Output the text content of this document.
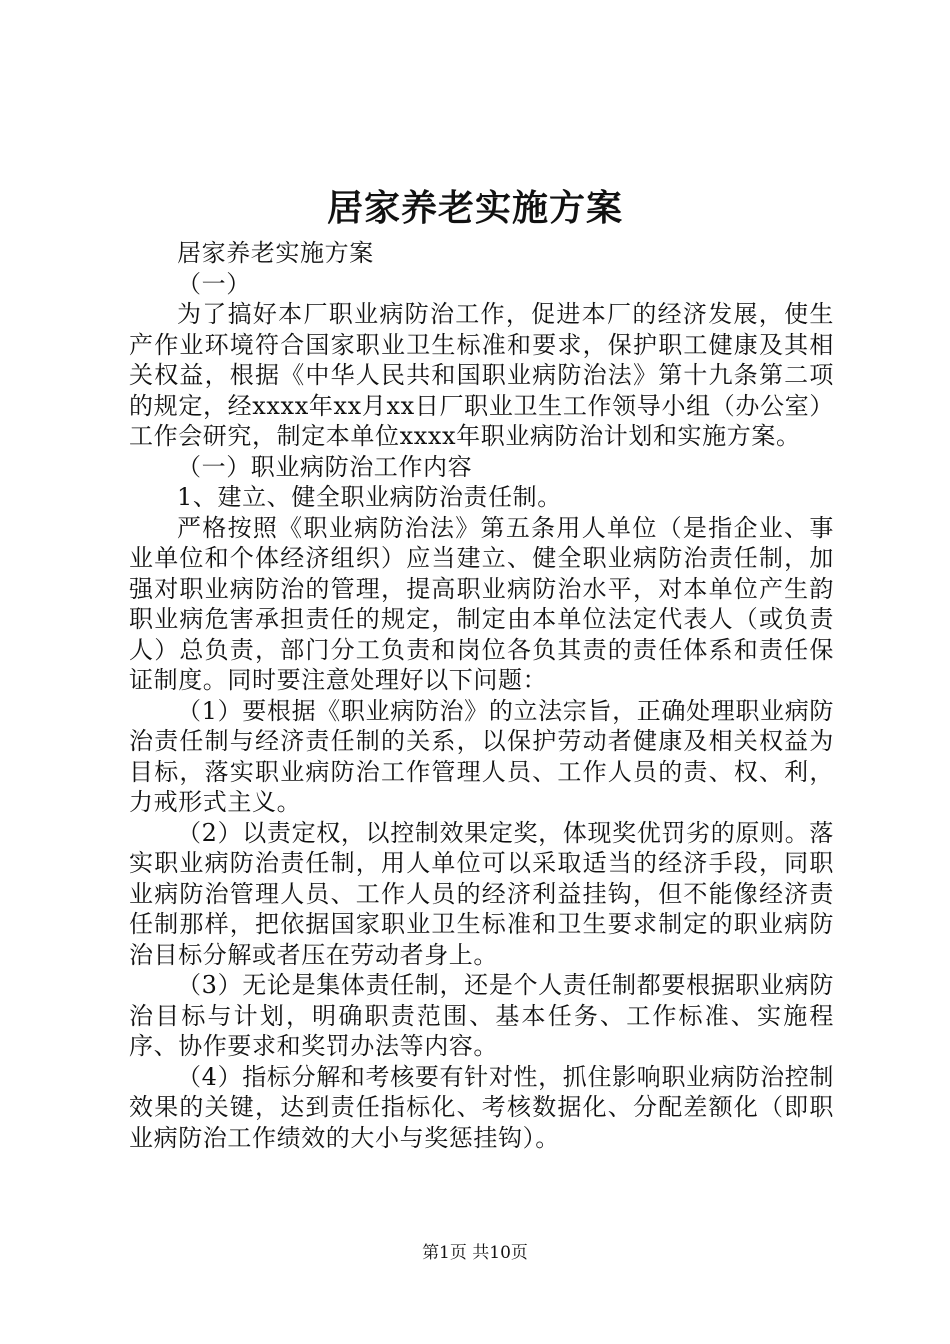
居家养老实施方案

居家养老实施方案

（一）

为了搞好本厂职业病防治工作，促进本厂的经济发展，使生产作业环境符合国家职业卫生标准和要求，保护职工健康及其相关权益，根据《中华人民共和国职业病防治法》第十九条第二项的规定，经xxxx年xx月xx日厂职业卫生工作领导小组（办公室）工作会研究，制定本单位xxxx年职业病防治计划和实施方案。

（一）职业病防治工作内容

1、建立、健全职业病防治责任制。

严格按照《职业病防治法》第五条用人单位（是指企业、事业单位和个体经济组织）应当建立、健全职业病防治责任制，加强对职业病防治的管理，提高职业病防治水平，对本单位产生韵职业病危害承担责任的规定，制定由本单位法定代表人（或负责人）总负责，部门分工负责和岗位各负其责的责任体系和责任保证制度。同时要注意处理好以下问题：

（1）要根据《职业病防治》的立法宗旨，正确处理职业病防治责任制与经济责任制的关系，以保护劳动者健康及相关权益为目标，落实职业病防治工作管理人员、工作人员的责、权、利，力戒形式主义。

（2）以责定权，以控制效果定奖，体现奖优罚劣的原则。落实职业病防治责任制，用人单位可以采取适当的经济手段，同职业病防治管理人员、工作人员的经济利益挂钩，但不能像经济责任制那样，把依据国家职业卫生标准和卫生要求制定的职业病防治目标分解或者压在劳动者身上。

（3）无论是集体责任制，还是个人责任制都要根据职业病防治目标与计划，明确职责范围、基本任务、工作标准、实施程序、协作要求和奖罚办法等内容。

（4）指标分解和考核要有针对性，抓住影响职业病防治控制效果的关键，达到责任指标化、考核数据化、分配差额化（即职业病防治工作绩效的大小与奖惩挂钩）。

第1页 共10页
